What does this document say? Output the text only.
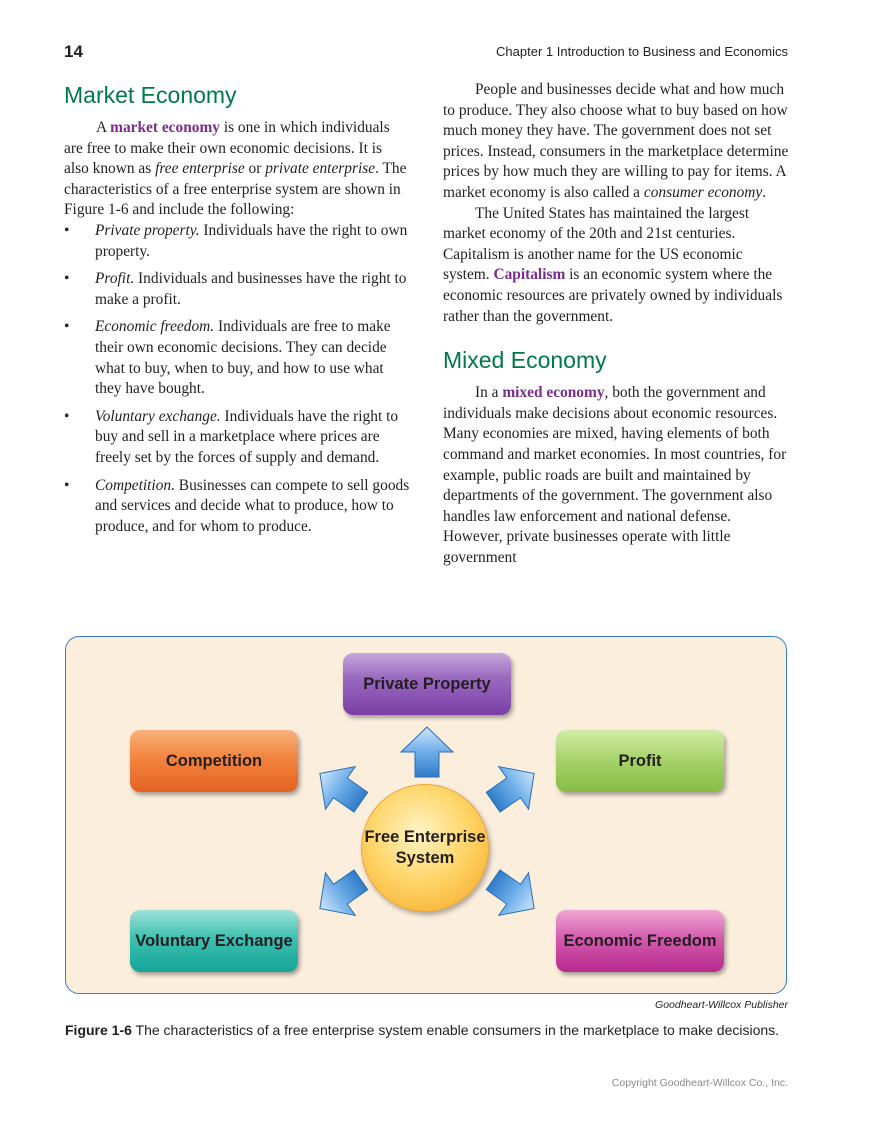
14	Chapter 1 Introduction to Business and Economics
Market Economy

A market economy is one in which individuals are free to make their own economic decisions. It is also known as free enterprise or private enterprise. The characteristics of a free enterprise system are shown in Figure 1-6 and include the following:

• Private property. Individuals have the right to own property.
• Profit. Individuals and businesses have the right to make a profit.
• Economic freedom. Individuals are free to make their own economic decisions. They can decide what to buy, when to buy, and how to use what they have bought.
• Voluntary exchange. Individuals have the right to buy and sell in a marketplace where prices are freely set by the forces of supply and demand.
• Competition. Businesses can compete to sell goods and services and decide what to produce, how to produce, and for whom to produce.

People and businesses decide what and how much to produce. They also choose what to buy based on how much money they have. The government does not set prices. Instead, consumers in the marketplace determine prices by how much they are willing to pay for items. A market economy is also called a consumer economy.

The United States has maintained the largest market economy of the 20th and 21st centuries. Capitalism is another name for the US economic system. Capitalism is an economic system where the economic resources are privately owned by individuals rather than the government.

Mixed Economy

In a mixed economy, both the government and individuals make decisions about economic resources. Many economies are mixed, having elements of both command and market economies. In most countries, for example, public roads are built and maintained by departments of the government. The government also handles law enforcement and national defense. However, private businesses operate with little government

Private Property
Competition	Profit
Voluntary Exchange	Economic Freedom
Free Enterprise System
Goodheart-Willcox Publisher
Figure 1-6 The characteristics of a free enterprise system enable consumers in the marketplace to make decisions.
Copyright Goodheart-Willcox Co., Inc.
